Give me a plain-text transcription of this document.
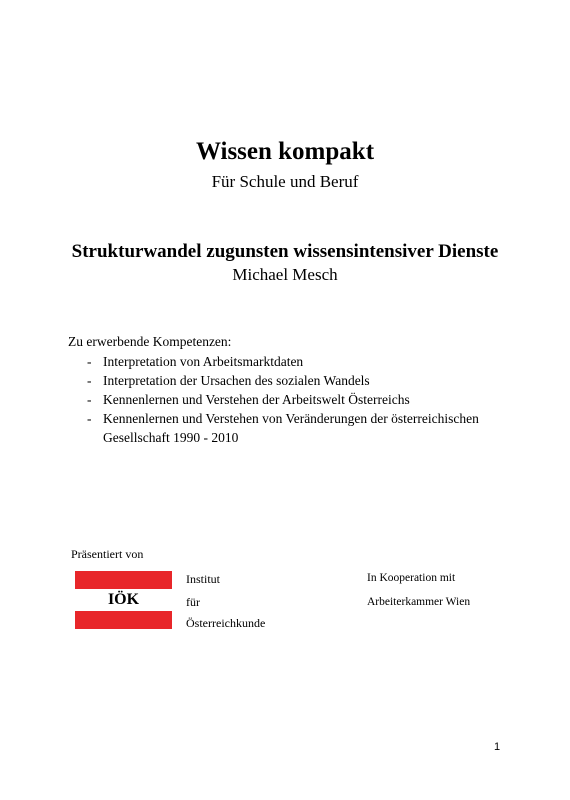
Wissen kompakt
Für Schule und Beruf
Strukturwandel zugunsten wissensintensiver Dienste
Michael Mesch
Zu erwerbende Kompetenzen:
- Interpretation von Arbeitsmarktdaten
- Interpretation der Ursachen des sozialen Wandels
- Kennenlernen und Verstehen der Arbeitswelt Österreichs
- Kennenlernen und Verstehen von Veränderungen der österreichischen Gesellschaft 1990 - 2010
Präsentiert von
IÖK
Institut
für
Österreichkunde
In Kooperation mit
Arbeiterkammer Wien
1
